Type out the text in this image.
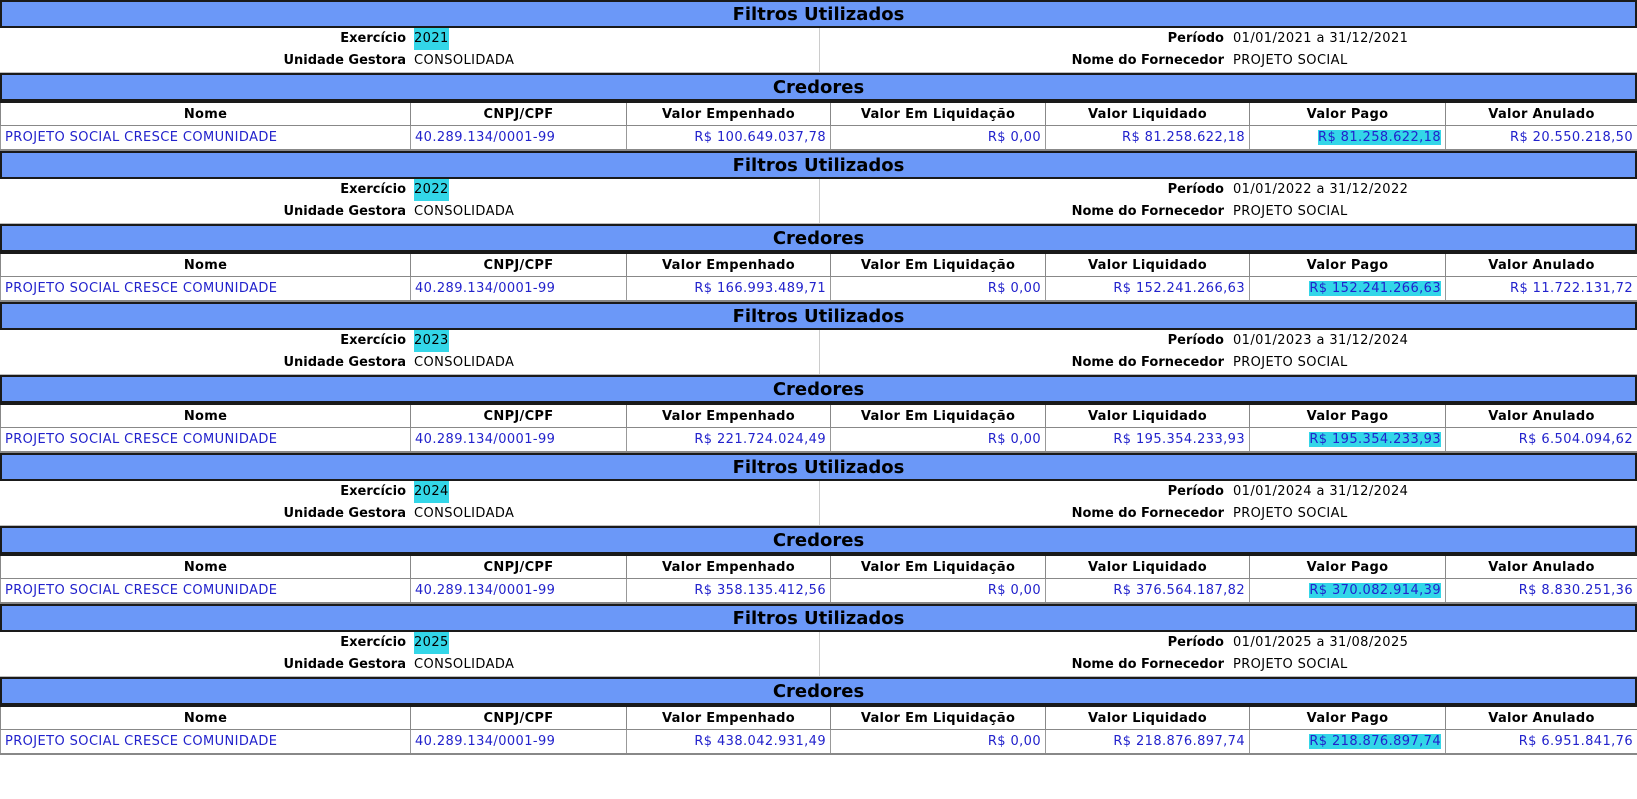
Filtros Utilizados
Exercício 2021
Unidade Gestora CONSOLIDADA
Período 01/01/2021 a 31/12/2021
Nome do Fornecedor PROJETO SOCIAL
Credores
Nome	CNPJ/CPF	Valor Empenhado	Valor Em Liquidação	Valor Liquidado	Valor Pago	Valor Anulado
PROJETO SOCIAL CRESCE COMUNIDADE	40.289.134/0001-99	R$ 100.649.037,78	R$ 0,00	R$ 81.258.622,18	R$ 81.258.622,18	R$ 20.550.218,50
Filtros Utilizados
Exercício 2022
Unidade Gestora CONSOLIDADA
Período 01/01/2022 a 31/12/2022
Nome do Fornecedor PROJETO SOCIAL
Credores
Nome	CNPJ/CPF	Valor Empenhado	Valor Em Liquidação	Valor Liquidado	Valor Pago	Valor Anulado
PROJETO SOCIAL CRESCE COMUNIDADE	40.289.134/0001-99	R$ 166.993.489,71	R$ 0,00	R$ 152.241.266,63	R$ 152.241.266,63	R$ 11.722.131,72
Filtros Utilizados
Exercício 2023
Unidade Gestora CONSOLIDADA
Período 01/01/2023 a 31/12/2024
Nome do Fornecedor PROJETO SOCIAL
Credores
Nome	CNPJ/CPF	Valor Empenhado	Valor Em Liquidação	Valor Liquidado	Valor Pago	Valor Anulado
PROJETO SOCIAL CRESCE COMUNIDADE	40.289.134/0001-99	R$ 221.724.024,49	R$ 0,00	R$ 195.354.233,93	R$ 195.354.233,93	R$ 6.504.094,62
Filtros Utilizados
Exercício 2024
Unidade Gestora CONSOLIDADA
Período 01/01/2024 a 31/12/2024
Nome do Fornecedor PROJETO SOCIAL
Credores
Nome	CNPJ/CPF	Valor Empenhado	Valor Em Liquidação	Valor Liquidado	Valor Pago	Valor Anulado
PROJETO SOCIAL CRESCE COMUNIDADE	40.289.134/0001-99	R$ 358.135.412,56	R$ 0,00	R$ 376.564.187,82	R$ 370.082.914,39	R$ 8.830.251,36
Filtros Utilizados
Exercício 2025
Unidade Gestora CONSOLIDADA
Período 01/01/2025 a 31/08/2025
Nome do Fornecedor PROJETO SOCIAL
Credores
Nome	CNPJ/CPF	Valor Empenhado	Valor Em Liquidação	Valor Liquidado	Valor Pago	Valor Anulado
PROJETO SOCIAL CRESCE COMUNIDADE	40.289.134/0001-99	R$ 438.042.931,49	R$ 0,00	R$ 218.876.897,74	R$ 218.876.897,74	R$ 6.951.841,76
